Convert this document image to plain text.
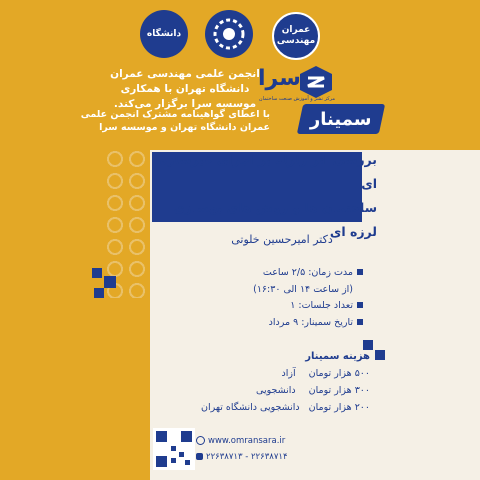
دانشگاه	عمران مهندسی
انجمن علمی مهندسی عمران
دانشگاه تهران با همکاری
موسسه سرا برگزار می‌کند.
سرا
مرکز نشر و آموزش صنعت ساختمان
با اعطای گواهینامه مشترک انجمن علمی
عمران دانشگاه تهران و موسسه سرا سمینار
بررسی اثر زلزله بر اجزای غیرسازه ای
ساختمان ها و روش های بهسازی
لرزه ای
دکتر امیرحسین خلوتی
مدت زمان: ۲/۵ ساعت
(از ساعت ۱۴ الی ۱۶:۳۰)
تعداد جلسات: ۱
تاریخ سمینار: ۹ مرداد
هزینه سمینار
۵۰۰ هزار تومان آزاد
۳۰۰ هزار تومان دانشجویی
۲۰۰ هزار تومان دانشجویی دانشگاه تهران
www.omransara.ir
۲۲۶۳۸۷۱۳ - ۲۲۶۳۸۷۱۴
